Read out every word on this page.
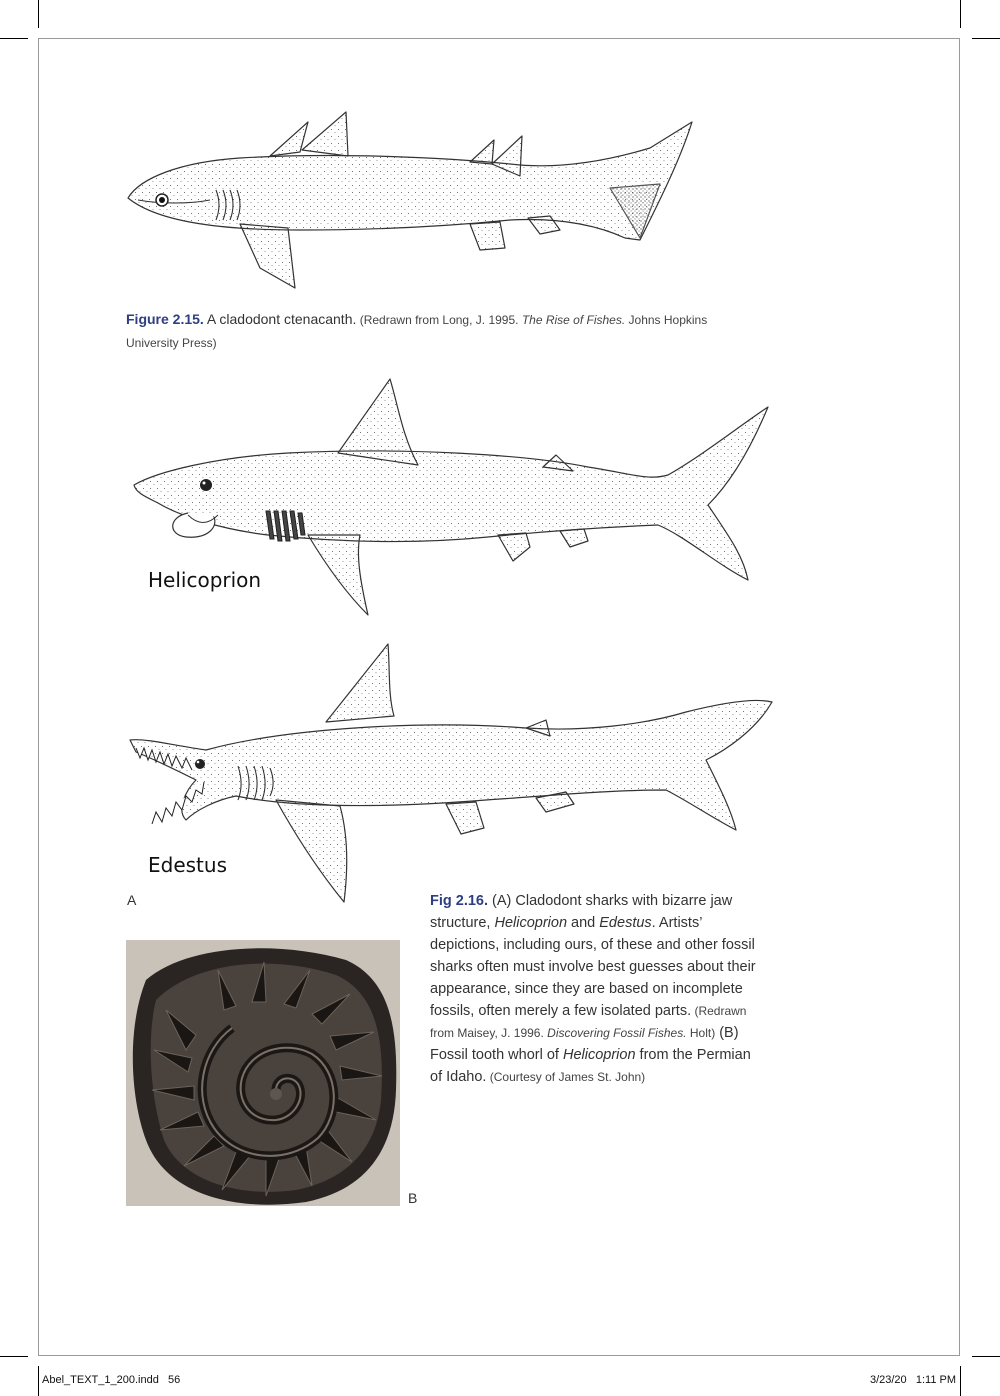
Figure 2.15. A cladodont ctenacanth. (Redrawn from Long, J. 1995. The Rise of Fishes. Johns Hopkins University Press)
Helicoprion
Edestus
A
B
Fig 2.16. (A) Cladodont sharks with bizarre jaw structure, Helicoprion and Edestus. Artists’ depictions, including ours, of these and other fossil sharks often must involve best guesses about their appearance, since they are based on incomplete fossils, often merely a few isolated parts. (Redrawn from Maisey, J. 1996. Discovering Fossil Fishes. Holt) (B) Fossil tooth whorl of Helicoprion from the Permian of Idaho. (Courtesy of James St. John)
Abel_TEXT_1_200.indd   56	3/23/20   1:11 PM
